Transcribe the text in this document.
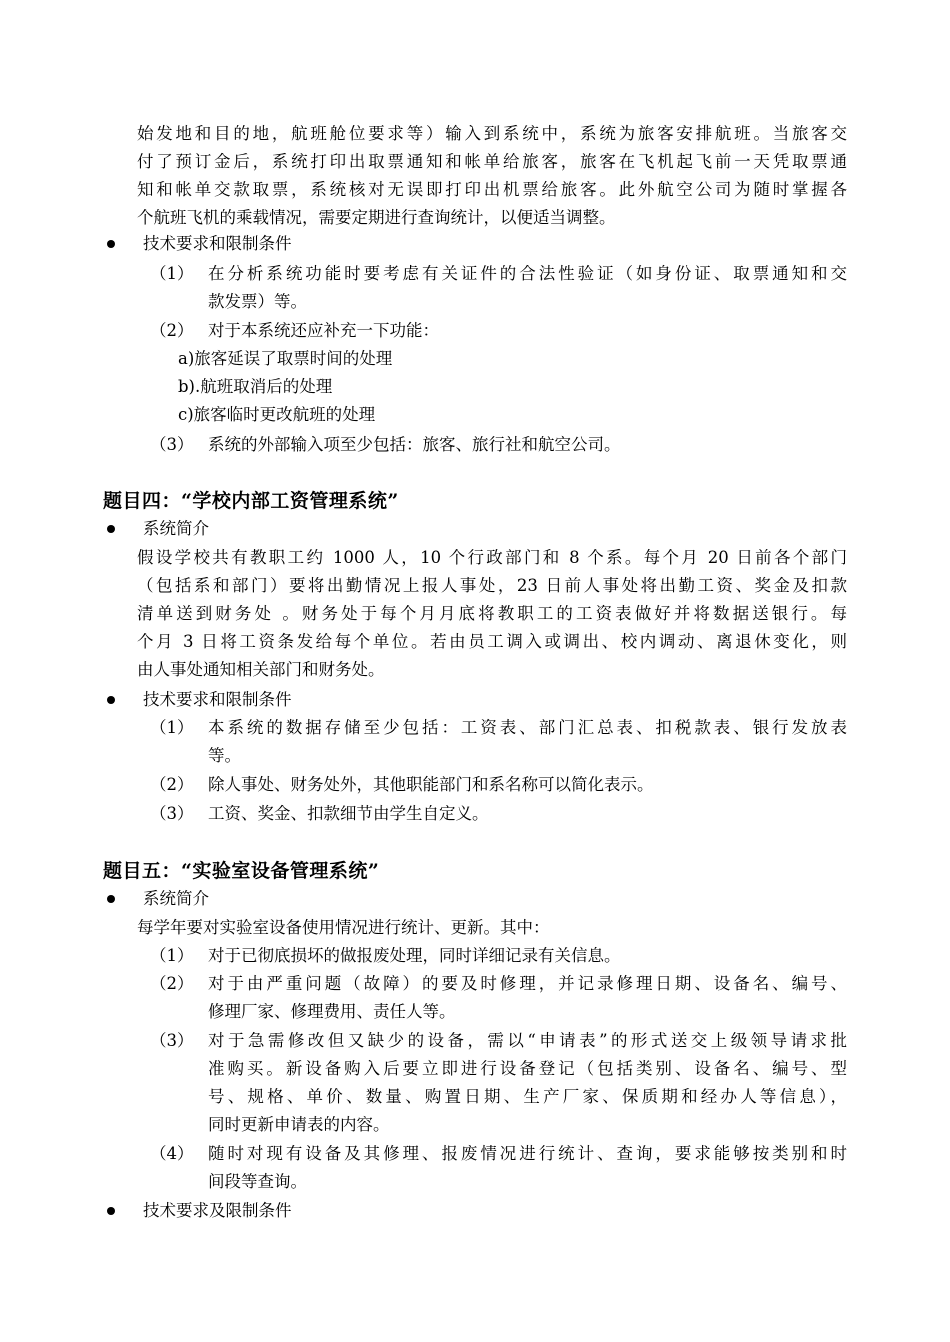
始发地和目的地，航班舱位要求等）输入到系统中，系统为旅客安排航班。当旅客交
付了预订金后，系统打印出取票通知和帐单给旅客，旅客在飞机起飞前一天凭取票通
知和帐单交款取票，系统核对无误即打印出机票给旅客。此外航空公司为随时掌握各
个航班飞机的乘载情况，需要定期进行查询统计，以便适当调整。
技术要求和限制条件
（1） 在分析系统功能时要考虑有关证件的合法性验证（如身份证、取票通知和交
款发票）等。
（2） 对于本系统还应补充一下功能：
a)旅客延误了取票时间的处理
b).航班取消后的处理
c)旅客临时更改航班的处理
（3） 系统的外部输入项至少包括：旅客、旅行社和航空公司。
题目四：“学校内部工资管理系统”
系统简介
假设学校共有教职工约 1000 人，10 个行政部门和 8 个系。每个月 20 日前各个部门
（包括系和部门）要将出勤情况上报人事处，23 日前人事处将出勤工资、奖金及扣款
清单送到财务处 。财务处于每个月月底将教职工的工资表做好并将数据送银行。每
个月 3 日将工资条发给每个单位。若由员工调入或调出、校内调动、离退休变化，则
由人事处通知相关部门和财务处。
技术要求和限制条件
（1） 本系统的数据存储至少包括：工资表、部门汇总表、扣税款表、银行发放表
等。
（2） 除人事处、财务处外，其他职能部门和系名称可以简化表示。
（3） 工资、奖金、扣款细节由学生自定义。
题目五：“实验室设备管理系统”
系统简介
每学年要对实验室设备使用情况进行统计、更新。其中：
（1） 对于已彻底损坏的做报废处理，同时详细记录有关信息。
（2） 对于由严重问题（故障）的要及时修理，并记录修理日期、设备名、编号、
修理厂家、修理费用、责任人等。
（3） 对于急需修改但又缺少的设备，需以“申请表”的形式送交上级领导请求批
准购买。新设备购入后要立即进行设备登记（包括类别、设备名、编号、型
号、规格、单价、数量、购置日期、生产厂家、保质期和经办人等信息），
同时更新申请表的内容。
（4） 随时对现有设备及其修理、报废情况进行统计、查询，要求能够按类别和时
间段等查询。
技术要求及限制条件
